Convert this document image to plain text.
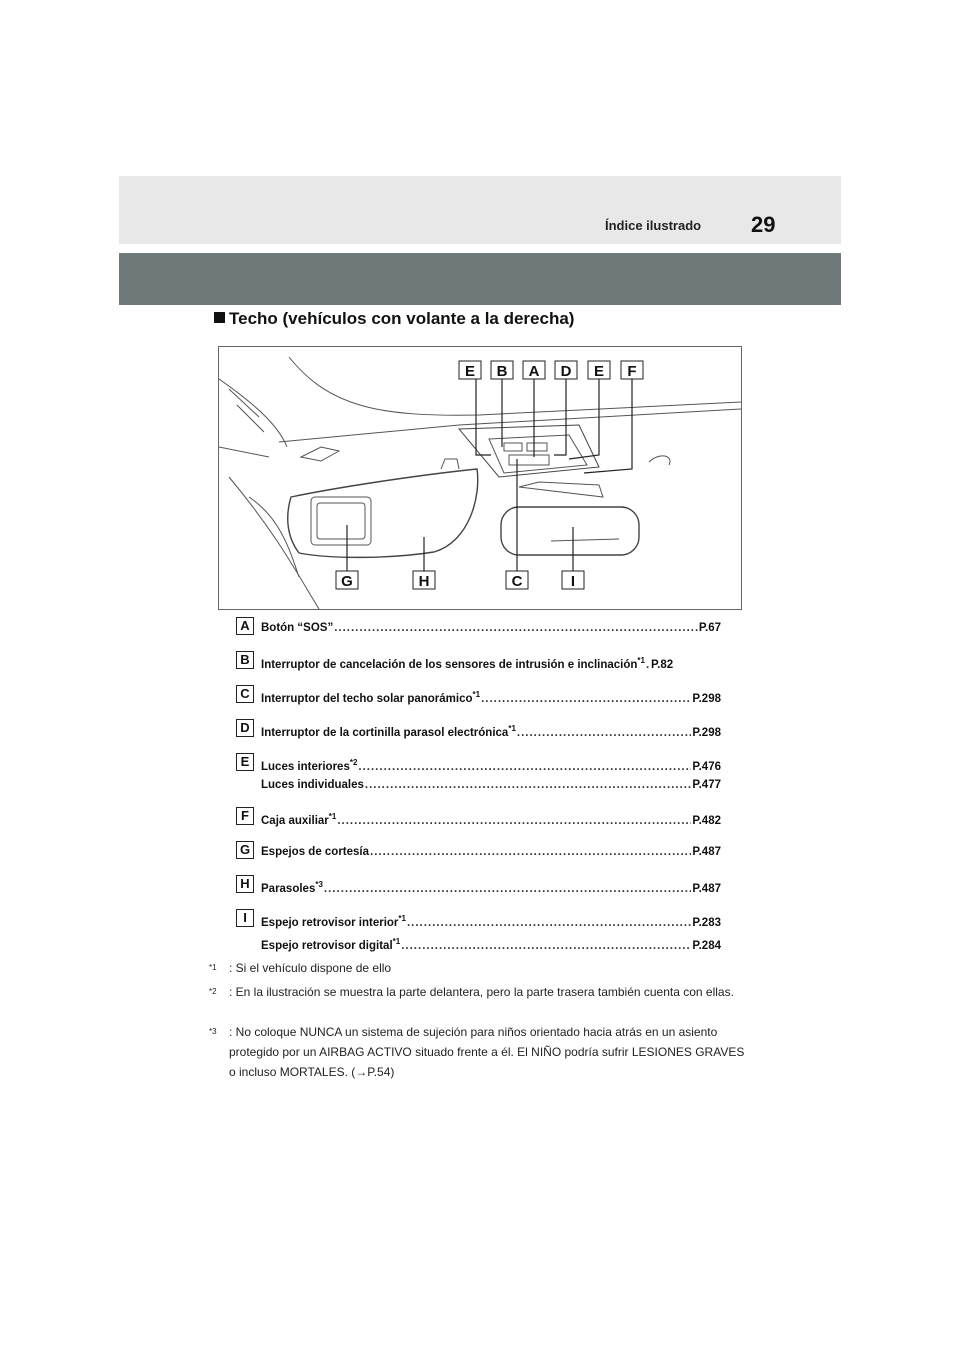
Índice ilustrado 29
Techo (vehículos con volante a la derecha)
E B A D E F
G	H	C	I
A Botón “SOS” .....	P.67
B Interruptor de cancelación de los sensores de intrusión e inclinación$^{*1}$ ..... P.82
C Interruptor del techo solar panorámico$^{*1}$ .....	P.298
D Interruptor de la cortinilla parasol electrónica$^{*1}$ .....	P.298
E	Luces interiores$^{*2}$ .....	P.476
Luces individuales .....	P.477
F	Caja auxiliar$^{*1}$ .....	P.482
G Espejos de cortesía .....	P.487
H Parasoles$^{*3}$ .....	P.487
I	Espejo retrovisor interior$^{*1}$ .....	P.283
Espejo retrovisor digital$^{*1}$ .....	P.284
$^{*1}$	: Si el vehículo dispone de ello
$^{*2}$	: En la ilustración se muestra la parte delantera, pero la parte trasera también cuenta con ellas.
$^{*3}$	: No coloque NUNCA un sistema de sujeción para niños orientado hacia atrás en un asiento protegido por un AIRBAG ACTIVO situado frente a él. El NIÑO podría sufrir LESIONES GRAVES o incluso MORTALES. (→P.54)
